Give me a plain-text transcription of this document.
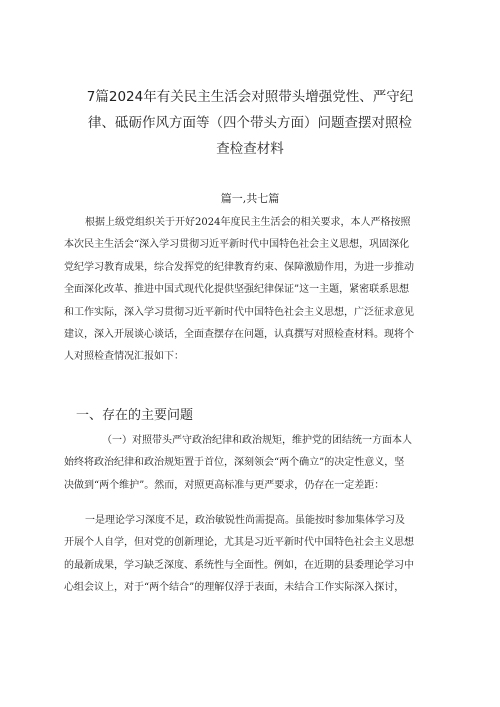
7篇2024年有关民主生活会对照带头增强党性、严守纪
律、砥砺作风方面等（四个带头方面）问题查摆对照检
查检查材料
篇一,共七篇
根据上级党组织关于开好2024年度民主生活会的相关要求，本人严格按照
本次民主生活会“深入学习贯彻习近平新时代中国特色社会主义思想，巩固深化
党纪学习教育成果，综合发挥党的纪律教育约束、保障激励作用，为进一步推动
全面深化改革、推进中国式现代化提供坚强纪律保证”这一主题，紧密联系思想
和工作实际，深入学习贯彻习近平新时代中国特色社会主义思想，广泛征求意见
建议，深入开展谈心谈话，全面查摆存在问题，认真撰写对照检查材料。现将个
人对照检查情况汇报如下：
一、存在的主要问题
（一）对照带头严守政治纪律和政治规矩，维护党的团结统一方面本人
始终将政治纪律和政治规矩置于首位，深刻领会“两个确立”的决定性意义，坚
决做到“两个维护”。然而，对照更高标准与更严要求，仍存在一定差距：
一是理论学习深度不足，政治敏锐性尚需提高。虽能按时参加集体学习及
开展个人自学，但对党的创新理论，尤其是习近平新时代中国特色社会主义思想
的最新成果，学习缺乏深度、系统性与全面性。例如，在近期的县委理论学习中
心组会议上，对于“两个结合”的理解仅浮于表面，未结合工作实际深入探讨，
